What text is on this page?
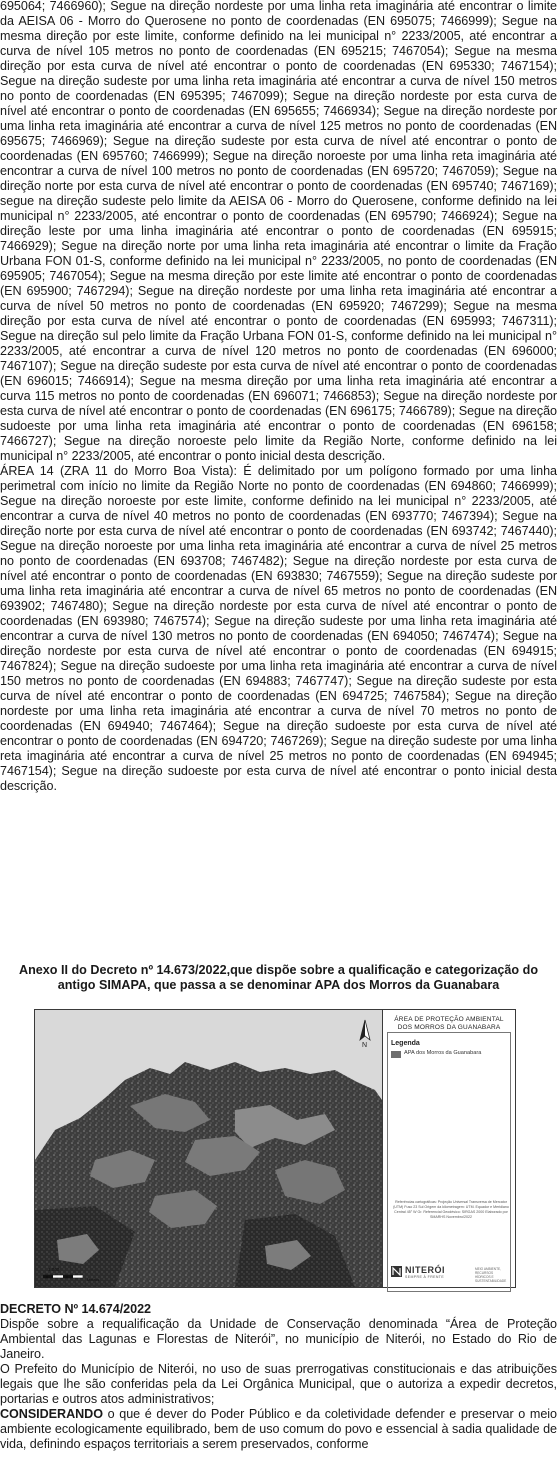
695064; 7466960); Segue na direção nordeste por uma linha reta imaginária até encontrar o limite da AEISA 06 - Morro do Querosene no ponto de coordenadas (EN 695075; 7466999); Segue na mesma direção por este limite, conforme definido na lei municipal n° 2233/2005, até encontrar a curva de nível 105 metros no ponto de coordenadas (EN 695215; 7467054); Segue na mesma direção por esta curva de nível até encontrar o ponto de coordenadas (EN 695330; 7467154); Segue na direção sudeste por uma linha reta imaginária até encontrar a curva de nível 150 metros no ponto de coordenadas (EN 695395; 7467099); Segue na direção nordeste por esta curva de nível até encontrar o ponto de coordenadas (EN 695655; 7466934); Segue na direção nordeste por uma linha reta imaginária até encontrar a curva de nível 125 metros no ponto de coordenadas (EN 695675; 7466969); Segue na direção sudeste por esta curva de nível até encontrar o ponto de coordenadas (EN 695760; 7466999); Segue na direção noroeste por uma linha reta imaginária até encontrar a curva de nível 100 metros no ponto de coordenadas (EN 695720; 7467059); Segue na direção norte por esta curva de nível até encontrar o ponto de coordenadas (EN 695740; 7467169); segue na direção sudeste pelo limite da AEISA 06 - Morro do Querosene, conforme definido na lei municipal n° 2233/2005, até encontrar o ponto de coordenadas (EN 695790; 7466924); Segue na direção leste por uma linha imaginária até encontrar o ponto de coordenadas (EN 695915; 7466929); Segue na direção norte por uma linha reta imaginária até encontrar o limite da Fração Urbana FON 01-S, conforme definido na lei municipal n° 2233/2005, no ponto de coordenadas (EN 695905; 7467054); Segue na mesma direção por este limite até encontrar o ponto de coordenadas (EN 695900; 7467294); Segue na direção nordeste por uma linha reta imaginária até encontrar a curva de nível 50 metros no ponto de coordenadas (EN 695920; 7467299); Segue na mesma direção por esta curva de nível até encontrar o ponto de coordenadas (EN 695993; 7467311); Segue na direção sul pelo limite da Fração Urbana FON 01-S, conforme definido na lei municipal n° 2233/2005, até encontrar a curva de nível 120 metros no ponto de coordenadas (EN 696000; 7467107); Segue na direção sudeste por esta curva de nível até encontrar o ponto de coordenadas (EN 696015; 7466914); Segue na mesma direção por uma linha reta imaginária até encontrar a curva 115 metros no ponto de coordenadas (EN 696071; 7466853); Segue na direção nordeste por esta curva de nível até encontrar o ponto de coordenadas (EN 696175; 7466789); Segue na direção sudoeste por uma linha reta imaginária até encontrar o ponto de coordenadas (EN 696158; 7466727); Segue na direção noroeste pelo limite da Região Norte, conforme definido na lei municipal n° 2233/2005, até encontrar o ponto inicial desta descrição.

ÁREA 14 (ZRA 11 do Morro Boa Vista): É delimitado por um polígono formado por uma linha perimetral com início no limite da Região Norte no ponto de coordenadas (EN 694860; 7466999); Segue na direção noroeste por este limite, conforme definido na lei municipal n° 2233/2005, até encontrar a curva de nível 40 metros no ponto de coordenadas (EN 693770; 7467394); Segue na direção norte por esta curva de nível até encontrar o ponto de coordenadas (EN 693742; 7467440); Segue na direção noroeste por uma linha reta imaginária até encontrar a curva de nível 25 metros no ponto de coordenadas (EN 693708; 7467482); Segue na direção nordeste por esta curva de nível até encontrar o ponto de coordenadas (EN 693830; 7467559); Segue na direção sudeste por uma linha reta imaginária até encontrar a curva de nível 65 metros no ponto de coordenadas (EN 693902; 7467480); Segue na direção nordeste por esta curva de nível até encontrar o ponto de coordenadas (EN 693980; 7467574); Segue na direção sudeste por uma linha reta imaginária até encontrar a curva de nível 130 metros no ponto de coordenadas (EN 694050; 7467474); Segue na direção nordeste por esta curva de nível até encontrar o ponto de coordenadas (EN 694915; 7467824); Segue na direção sudoeste por uma linha reta imaginária até encontrar a curva de nível 150 metros no ponto de coordenadas (EN 694883; 7467747); Segue na direção sudeste por esta curva de nível até encontrar o ponto de coordenadas (EN 694725; 7467584); Segue na direção nordeste por uma linha reta imaginária até encontrar a curva de nível 70 metros no ponto de coordenadas (EN 694940; 7467464); Segue na direção sudoeste por esta curva de nível até encontrar o ponto de coordenadas (EN 694720; 7467269); Segue na direção sudeste por uma linha reta imaginária até encontrar a curva de nível 25 metros no ponto de coordenadas (EN 694945; 7467154); Segue na direção sudoeste por esta curva de nível até encontrar o ponto inicial desta descrição.

Anexo II do Decreto nº 14.673/2022,que dispõe sobre a qualificação e categorização do antigo SIMAPA, que passa a se denominar APA dos Morros da Guanabara
N
1.000
Metros
ÁREA DE PROTEÇÃO AMBIENTAL DOS MORROS DA GUANABARA
Legenda
APA dos Morros da Guanabara
Referências cartográficas: Projeção Universal Transversa de Mercator (UTM) Fuso 23 Sul Origem da kilometragem: UTM. Equador e Meridiano Central 45° W Gr. Referencial Geodésico: SIRGAS 2000 Elaborado por SMARHS Novembro/2022
NITERÓI
SEMPRE À FRENTE
MEIO AMBIENTE, RECURSOS HÍDRICOS E SUSTENTABILIDADE

DECRETO Nº 14.674/2022

Dispõe sobre a requalificação da Unidade de Conservação denominada “Área de Proteção Ambiental das Lagunas e Florestas de Niterói”, no município de Niterói, no Estado do Rio de Janeiro.

O Prefeito do Município de Niterói, no uso de suas prerrogativas constitucionais e das atribuições legais que lhe são conferidas pela da Lei Orgânica Municipal, que o autoriza a expedir decretos, portarias e outros atos administrativos;

CONSIDERANDO o que é dever do Poder Público e da coletividade defender e preservar o meio ambiente ecologicamente equilibrado, bem de uso comum do povo e essencial à sadia qualidade de vida, definindo espaços territoriais a serem preservados, conforme
